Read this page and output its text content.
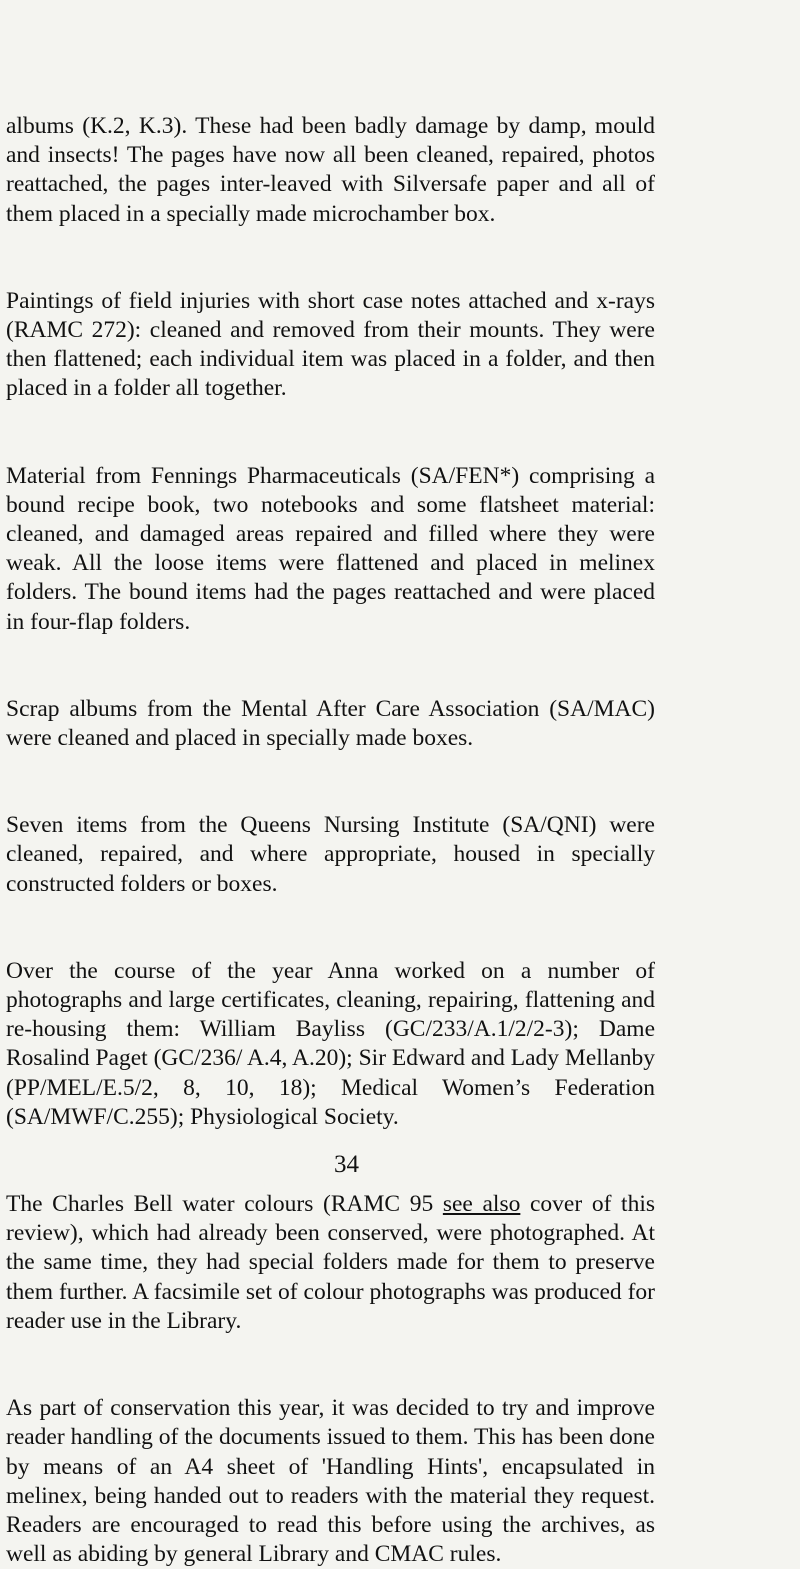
albums (K.2, K.3). These had been badly damage by damp, mould and insects! The pages have now all been cleaned, repaired, photos reattached, the pages inter-leaved with Silversafe paper and all of them placed in a specially made microchamber box.

Paintings of field injuries with short case notes attached and x-rays (RAMC 272): cleaned and removed from their mounts. They were then flattened; each individual item was placed in a folder, and then placed in a folder all together.

Material from Fennings Pharmaceuticals (SA/FEN*) comprising a bound recipe book, two notebooks and some flatsheet material: cleaned, and damaged areas repaired and filled where they were weak. All the loose items were flattened and placed in melinex folders. The bound items had the pages reattached and were placed in four-flap folders.

Scrap albums from the Mental After Care Association (SA/MAC) were cleaned and placed in specially made boxes.

Seven items from the Queens Nursing Institute (SA/QNI) were cleaned, repaired, and where appropriate, housed in specially constructed folders or boxes.

Over the course of the year Anna worked on a number of photographs and large certificates, cleaning, repairing, flattening and re-housing them: William Bayliss (GC/233/A.1/2/2-3); Dame Rosalind Paget (GC/236/ A.4, A.20); Sir Edward and Lady Mellanby (PP/MEL/E.5/2, 8, 10, 18); Medical Women’s Federation (SA/MWF/C.255); Physiological Society.

The Charles Bell water colours (RAMC 95 see also cover of this review), which had already been conserved, were photographed. At the same time, they had special folders made for them to preserve them further. A facsimile set of colour photographs was produced for reader use in the Library.

As part of conservation this year, it was decided to try and improve reader handling of the documents issued to them. This has been done by means of an A4 sheet of 'Handling Hints', encapsulated in melinex, being handed out to readers with the material they request. Readers are encouraged to read this before using the archives, as well as abiding by general Library and CMAC rules.

34
